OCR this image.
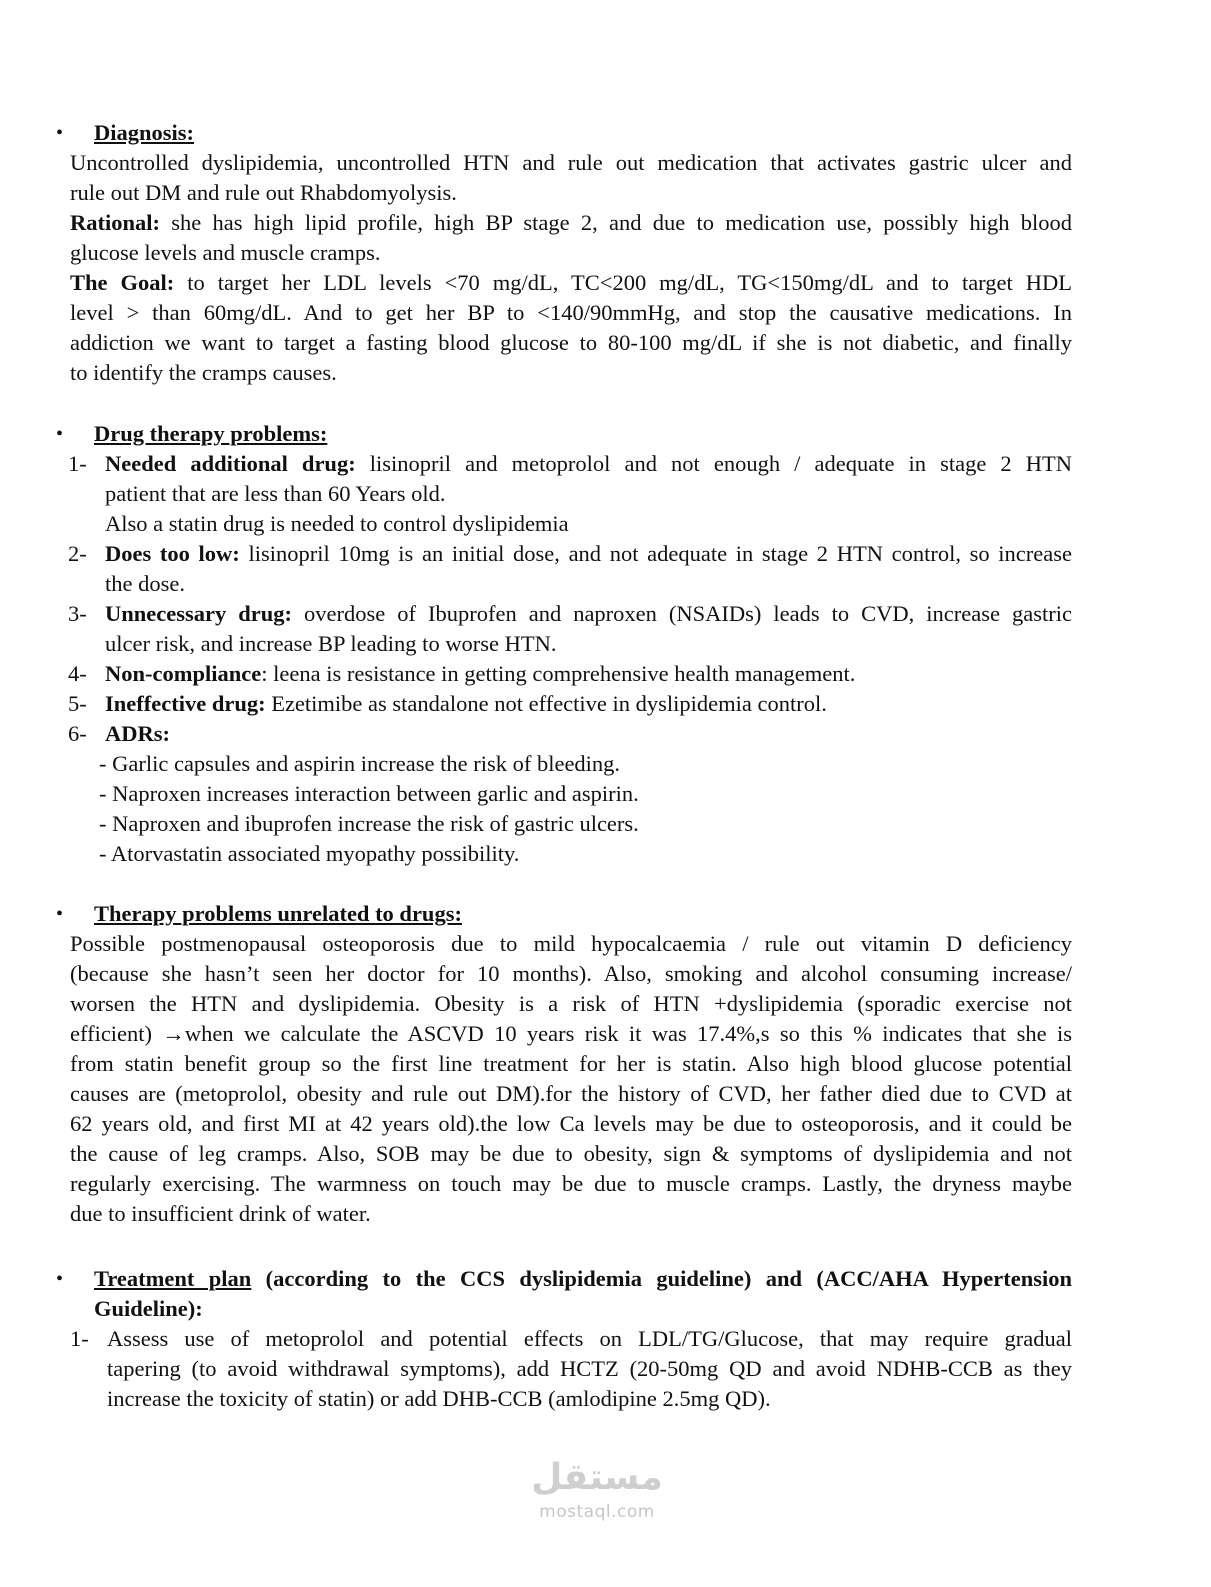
• Diagnosis:
Uncontrolled dyslipidemia, uncontrolled HTN and rule out medication that activates gastric ulcer and
rule out DM and rule out Rhabdomyolysis.
Rational: she has high lipid profile, high BP stage 2, and due to medication use, possibly high blood
glucose levels and muscle cramps.
The Goal: to target her LDL levels <70 mg/dL, TC<200 mg/dL, TG<150mg/dL and to target HDL
level > than 60mg/dL. And to get her BP to <140/90mmHg, and stop the causative medications. In
addiction we want to target a fasting blood glucose to 80-100 mg/dL if she is not diabetic, and finally
to identify the cramps causes.
• Drug therapy problems:
1- Needed additional drug: lisinopril and metoprolol and not enough / adequate in stage 2 HTN
patient that are less than 60 Years old.
Also a statin drug is needed to control dyslipidemia
2- Does too low: lisinopril 10mg is an initial dose, and not adequate in stage 2 HTN control, so increase
the dose.
3- Unnecessary drug: overdose of Ibuprofen and naproxen (NSAIDs) leads to CVD, increase gastric
ulcer risk, and increase BP leading to worse HTN.
4- Non-compliance: leena is resistance in getting comprehensive health management.
5- Ineffective drug: Ezetimibe as standalone not effective in dyslipidemia control.
6- ADRs:
- Garlic capsules and aspirin increase the risk of bleeding.
- Naproxen increases interaction between garlic and aspirin.
- Naproxen and ibuprofen increase the risk of gastric ulcers.
- Atorvastatin associated myopathy possibility.
• Therapy problems unrelated to drugs:
Possible postmenopausal osteoporosis due to mild hypocalcaemia / rule out vitamin D deficiency
(because she hasn’t seen her doctor for 10 months). Also, smoking and alcohol consuming increase/
worsen the HTN and dyslipidemia. Obesity is a risk of HTN +dyslipidemia (sporadic exercise not
efficient) →when we calculate the ASCVD 10 years risk it was 17.4%,s so this % indicates that she is
from statin benefit group so the first line treatment for her is statin. Also high blood glucose potential
causes are (metoprolol, obesity and rule out DM).for the history of CVD, her father died due to CVD at
62 years old, and first MI at 42 years old).the low Ca levels may be due to osteoporosis, and it could be
the cause of leg cramps. Also, SOB may be due to obesity, sign & symptoms of dyslipidemia and not
regularly exercising. The warmness on touch may be due to muscle cramps. Lastly, the dryness maybe
due to insufficient drink of water.
• Treatment plan (according to the CCS dyslipidemia guideline) and (ACC/AHA Hypertension
Guideline):
1- Assess use of metoprolol and potential effects on LDL/TG/Glucose, that may require gradual
tapering (to avoid withdrawal symptoms), add HCTZ (20-50mg QD and avoid NDHB-CCB as they
increase the toxicity of statin) or add DHB-CCB (amlodipine 2.5mg QD).
مستقل
mostaql.com
